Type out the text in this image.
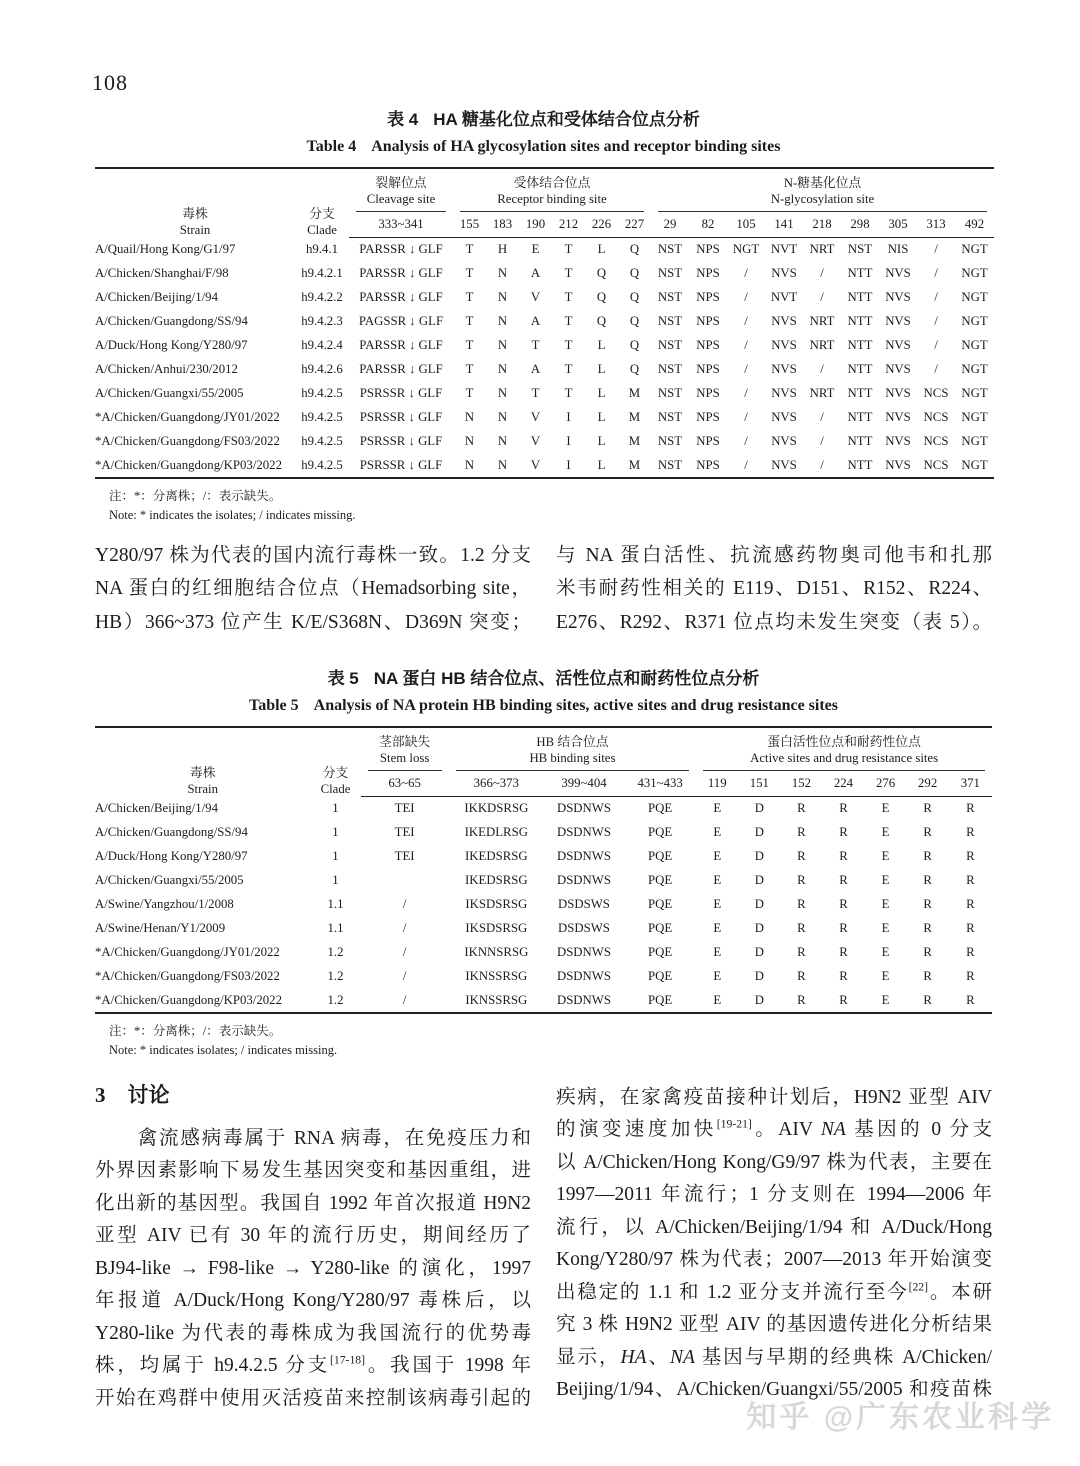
108
表 4 HA 糖基化位点和受体结合位点分析
Table 4 Analysis of HA glycosylation sites and receptor binding sites
毒株
Strain	分支
Clade	裂解位点
Cleavage site	受体结合位点
Receptor binding site						N-糖基化位点
N-glycosylation site								

		333~341	155	183	190	212	226	227	29	82	105	141	218	298	305	313	492
A/Quail/Hong Kong/G1/97	h9.4.1	PARSSR ↓ GLF	T	H	E	T	L	Q	NST	NPS	NGT	NVT	NRT	NST	NIS	/	NGT
A/Chicken/Shanghai/F/98	h9.4.2.1	PARSSR ↓ GLF	T	N	A	T	Q	Q	NST	NPS	/	NVS	/	NTT	NVS	/	NGT
A/Chicken/Beijing/1/94	h9.4.2.2	PARSSR ↓ GLF	T	N	V	T	Q	Q	NST	NPS	/	NVT	/	NTT	NVS	/	NGT
A/Chicken/Guangdong/SS/94	h9.4.2.3	PAGSSR ↓ GLF	T	N	A	T	Q	Q	NST	NPS	/	NVS	NRT	NTT	NVS	/	NGT
A/Duck/Hong Kong/Y280/97	h9.4.2.4	PARSSR ↓ GLF	T	N	T	T	L	Q	NST	NPS	/	NVS	NRT	NTT	NVS	/	NGT
A/Chicken/Anhui/230/2012	h9.4.2.6	PARSSR ↓ GLF	T	N	A	T	L	Q	NST	NPS	/	NVS	/	NTT	NVS	/	NGT
A/Chicken/Guangxi/55/2005	h9.4.2.5	PSRSSR ↓ GLF	T	N	T	T	L	M	NST	NPS	/	NVS	NRT	NTT	NVS	NCS	NGT
*A/Chicken/Guangdong/JY01/2022	h9.4.2.5	PSRSSR ↓ GLF	N	N	V	I	L	M	NST	NPS	/	NVS	/	NTT	NVS	NCS	NGT
*A/Chicken/Guangdong/FS03/2022	h9.4.2.5	PSRSSR ↓ GLF	N	N	V	I	L	M	NST	NPS	/	NVS	/	NTT	NVS	NCS	NGT
*A/Chicken/Guangdong/KP03/2022	h9.4.2.5	PSRSSR ↓ GLF	N	N	V	I	L	M	NST	NPS	/	NVS	/	NTT	NVS	NCS	NGT
注：*：分离株；/：表示缺失。
Note: * indicates the isolates; / indicates missing.
Y280/97 株为代表的国内流行毒株一致。1.2 分支
NA 蛋白的红细胞结合位点（Hemadsorbing site，
HB）366~373 位产生 K/E/S368N、D369N 突变；
与 NA 蛋白活性、抗流感药物奥司他韦和扎那
米韦耐药性相关的 E119、D151、R152、R224、
E276、R292、R371 位点均未发生突变（表 5）。
表 5 NA 蛋白 HB 结合位点、活性位点和耐药性位点分析
Table 5 Analysis of NA protein HB binding sites, active sites and drug resistance sites
毒株
Strain	分支
Clade	茎部缺失
Stem loss	HB 结合位点
HB binding sites			蛋白活性位点和耐药性位点
Active sites and drug resistance sites						

		63~65	366~373	399~404	431~433	119	151	152	224	276	292	371
A/Chicken/Beijing/1/94	1	TEI	IKKDSRSG	DSDNWS	PQE	E	D	R	R	E	R	R
A/Chicken/Guangdong/SS/94	1	TEI	IKEDLRSG	DSDNWS	PQE	E	D	R	R	E	R	R
A/Duck/Hong Kong/Y280/97	1	TEI	IKEDSRSG	DSDNWS	PQE	E	D	R	R	E	R	R
A/Chicken/Guangxi/55/2005	1		IKEDSRSG	DSDNWS	PQE	E	D	R	R	E	R	R
A/Swine/Yangzhou/1/2008	1.1	/	IKSDSRSG	DSDSWS	PQE	E	D	R	R	E	R	R
A/Swine/Henan/Y1/2009	1.1	/	IKSDSRSG	DSDSWS	PQE	E	D	R	R	E	R	R
*A/Chicken/Guangdong/JY01/2022	1.2	/	IKNNSRSG	DSDNWS	PQE	E	D	R	R	E	R	R
*A/Chicken/Guangdong/FS03/2022	1.2	/	IKNSSRSG	DSDNWS	PQE	E	D	R	R	E	R	R
*A/Chicken/Guangdong/KP03/2022	1.2	/	IKNSSRSG	DSDNWS	PQE	E	D	R	R	E	R	R
注：*：分离株；/：表示缺失。
Note: * indicates isolates; / indicates missing.
3 讨论
　　禽流感病毒属于 RNA 病毒，在免疫压力和
外界因素影响下易发生基因突变和基因重组，进
化出新的基因型。我国自 1992 年首次报道 H9N2
亚型 AIV 已有 30 年的流行历史，期间经历了
BJ94-like → F98-like → Y280-like 的演化，1997
年报道 A/Duck/Hong Kong/Y280/97 毒株后，以
Y280-like 为代表的毒株成为我国流行的优势毒
株，均属于 h9.4.2.5 分支[17-18]。我国于 1998 年
开始在鸡群中使用灭活疫苗来控制该病毒引起的
疾病，在家禽疫苗接种计划后，H9N2 亚型 AIV
的演变速度加快[19-21]。AIV NA 基因的 0 分支
以 A/Chicken/Hong Kong/G9/97 株为代表，主要在
1997—2011 年流行；1 分支则在 1994—2006 年
流行，以 A/Chicken/Beijing/1/94 和 A/Duck/Hong
Kong/Y280/97 株为代表；2007—2013 年开始演变
出稳定的 1.1 和 1.2 亚分支并流行至今[22]。本研
究 3 株 H9N2 亚型 AIV 的基因遗传进化分析结果
显示，HA、NA 基因与早期的经典株 A/Chicken/
Beijing/1/94、A/Chicken/Guangxi/55/2005 和疫苗株
知乎 @广东农业科学
